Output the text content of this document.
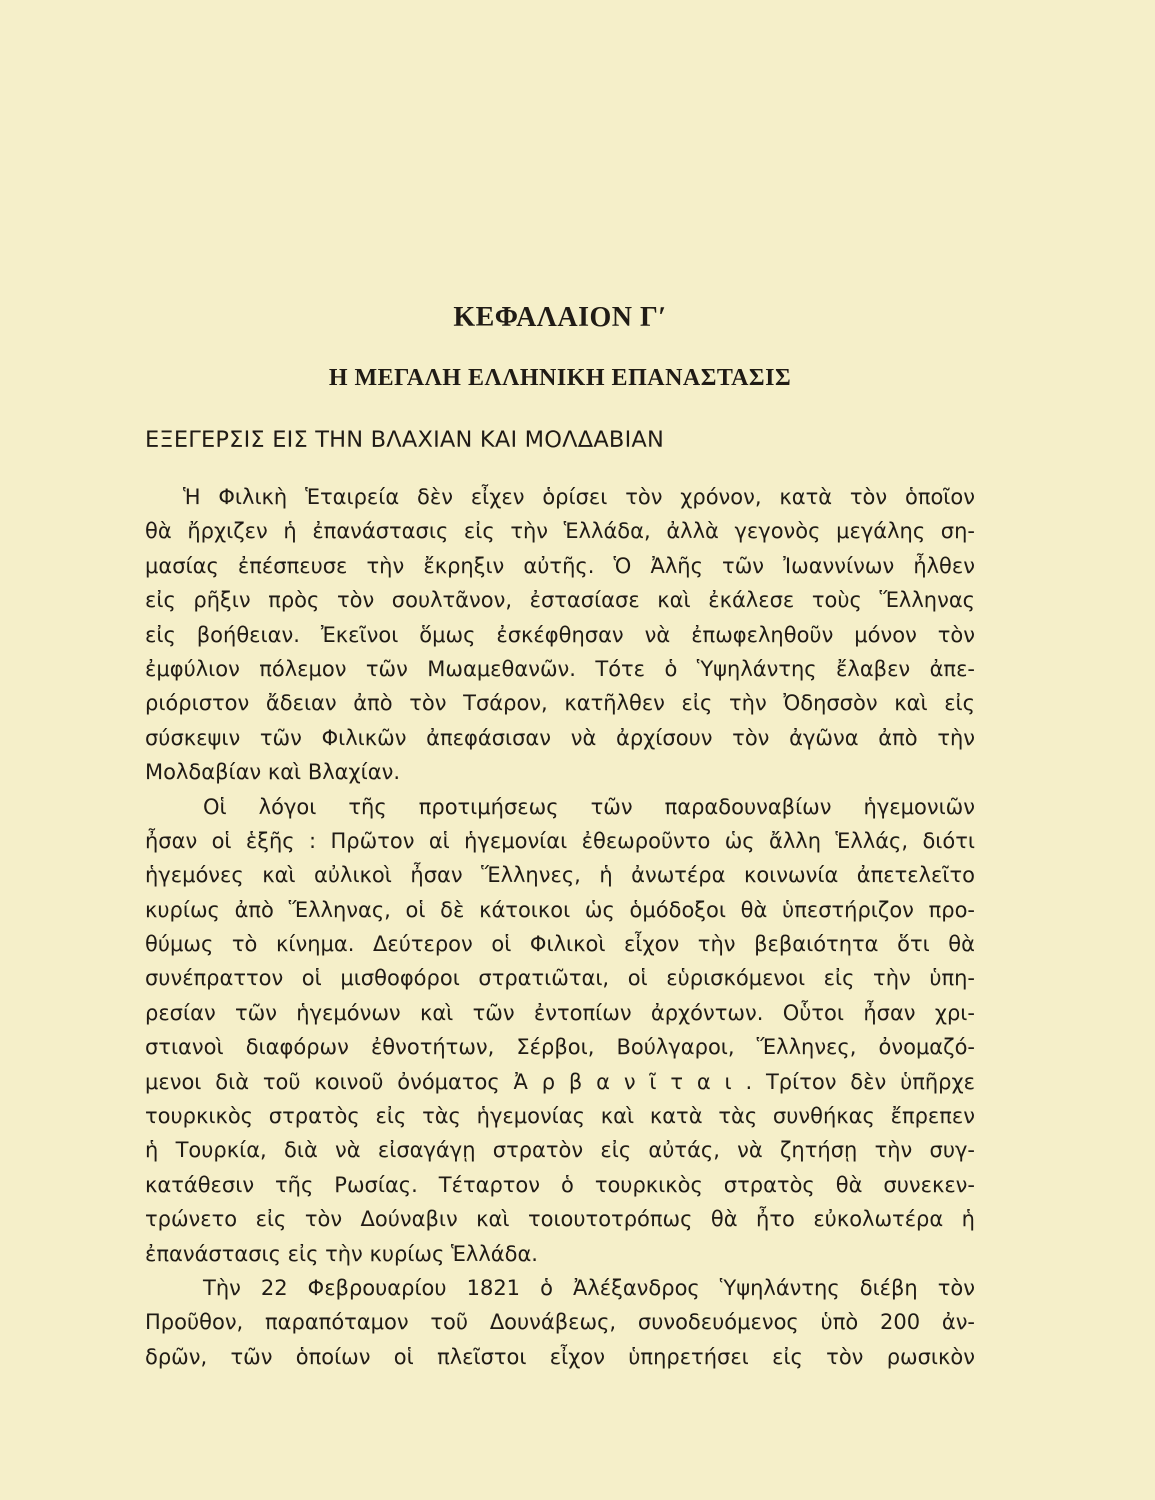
ΚΕΦΑΛΑΙΟΝ Γʹ
Η ΜΕΓΑΛΗ ΕΛΛΗΝΙΚΗ ΕΠΑΝΑΣΤΑΣΙΣ
ΕΞΕΓΕΡΣΙΣ ΕΙΣ ΤΗΝ ΒΛΑΧΙΑΝ ΚΑΙ ΜΟΛΔΑΒΙΑΝ
Ἡ Φιλικὴ Ἑταιρεία δὲν εἶχεν ὁρίσει τὸν χρόνον, κατὰ τὸν ὁποῖον
θὰ ἤρχιζεν ἡ ἐπανάστασις εἰς τὴν Ἑλλάδα, ἀλλὰ γεγονὸς μεγάλης ση-
μασίας ἐπέσπευσε τὴν ἔκρηξιν αὐτῆς. Ὁ Ἀλῆς τῶν Ἰωαννίνων ἦλθεν
εἰς ρῆξιν πρὸς τὸν σουλτᾶνον, ἐστασίασε καὶ ἐκάλεσε τοὺς Ἕλληνας
εἰς βοήθειαν. Ἐκεῖνοι ὅμως ἐσκέφθησαν νὰ ἐπωφεληθοῦν μόνον τὸν
ἐμφύλιον πόλεμον τῶν Μωαμεθανῶν. Τότε ὁ Ὑψηλάντης ἔλαβεν ἀπε-
ριόριστον ἄδειαν ἀπὸ τὸν Τσάρον, κατῆλθεν εἰς τὴν Ὀδησσὸν καὶ εἰς
σύσκεψιν τῶν Φιλικῶν ἀπεφάσισαν νὰ ἀρχίσουν τὸν ἀγῶνα ἀπὸ τὴν
Μολδαβίαν καὶ Βλαχίαν.
Οἱ λόγοι τῆς προτιμήσεως τῶν παραδουναβίων ἡγεμονιῶν
ἦσαν οἱ ἑξῆς : Πρῶτον αἱ ἡγεμονίαι ἐθεωροῦντο ὡς ἄλλη Ἑλλάς, διότι
ἡγεμόνες καὶ αὐλικοὶ ἦσαν Ἕλληνες, ἡ ἀνωτέρα κοινωνία ἀπετελεῖτο
κυρίως ἀπὸ Ἕλληνας, οἱ δὲ κάτοικοι ὡς ὁμόδοξοι θὰ ὑπεστήριζον προ-
θύμως τὸ κίνημα. Δεύτερον οἱ Φιλικοὶ εἶχον τὴν βεβαιότητα ὅτι θὰ
συνέπραττον οἱ μισθοφόροι στρατιῶται, οἱ εὑρισκόμενοι εἰς τὴν ὑπη-
ρεσίαν τῶν ἡγεμόνων καὶ τῶν ἐντοπίων ἀρχόντων. Οὗτοι ἦσαν χρι-
στιανοὶ διαφόρων ἐθνοτήτων, Σέρβοι, Βούλγαροι, Ἕλληνες, ὀνομαζό-
μενοι διὰ τοῦ κοινοῦ ὀνόματος Ἀ ρ β α ν ῖ τ α ι . Τρίτον δὲν ὑπῆρχε
τουρκικὸς στρατὸς εἰς τὰς ἡγεμονίας καὶ κατὰ τὰς συνθήκας ἔπρεπεν
ἡ Τουρκία, διὰ νὰ εἰσαγάγῃ στρατὸν εἰς αὐτάς, νὰ ζητήσῃ τὴν συγ-
κατάθεσιν τῆς Ρωσίας. Τέταρτον ὁ τουρκικὸς στρατὸς θὰ συνεκεν-
τρώνετο εἰς τὸν Δούναβιν καὶ τοιουτοτρόπως θὰ ἦτο εὐκολωτέρα ἡ
ἐπανάστασις εἰς τὴν κυρίως Ἑλλάδα.
Τὴν 22 Φεβρουαρίου 1821 ὁ Ἀλέξανδρος Ὑψηλάντης διέβη τὸν
Προῦθον, παραπόταμον τοῦ Δουνάβεως, συνοδευόμενος ὑπὸ 200 ἀν-
δρῶν, τῶν ὁποίων οἱ πλεῖστοι εἶχον ὑπηρετήσει εἰς τὸν ρωσικὸν
